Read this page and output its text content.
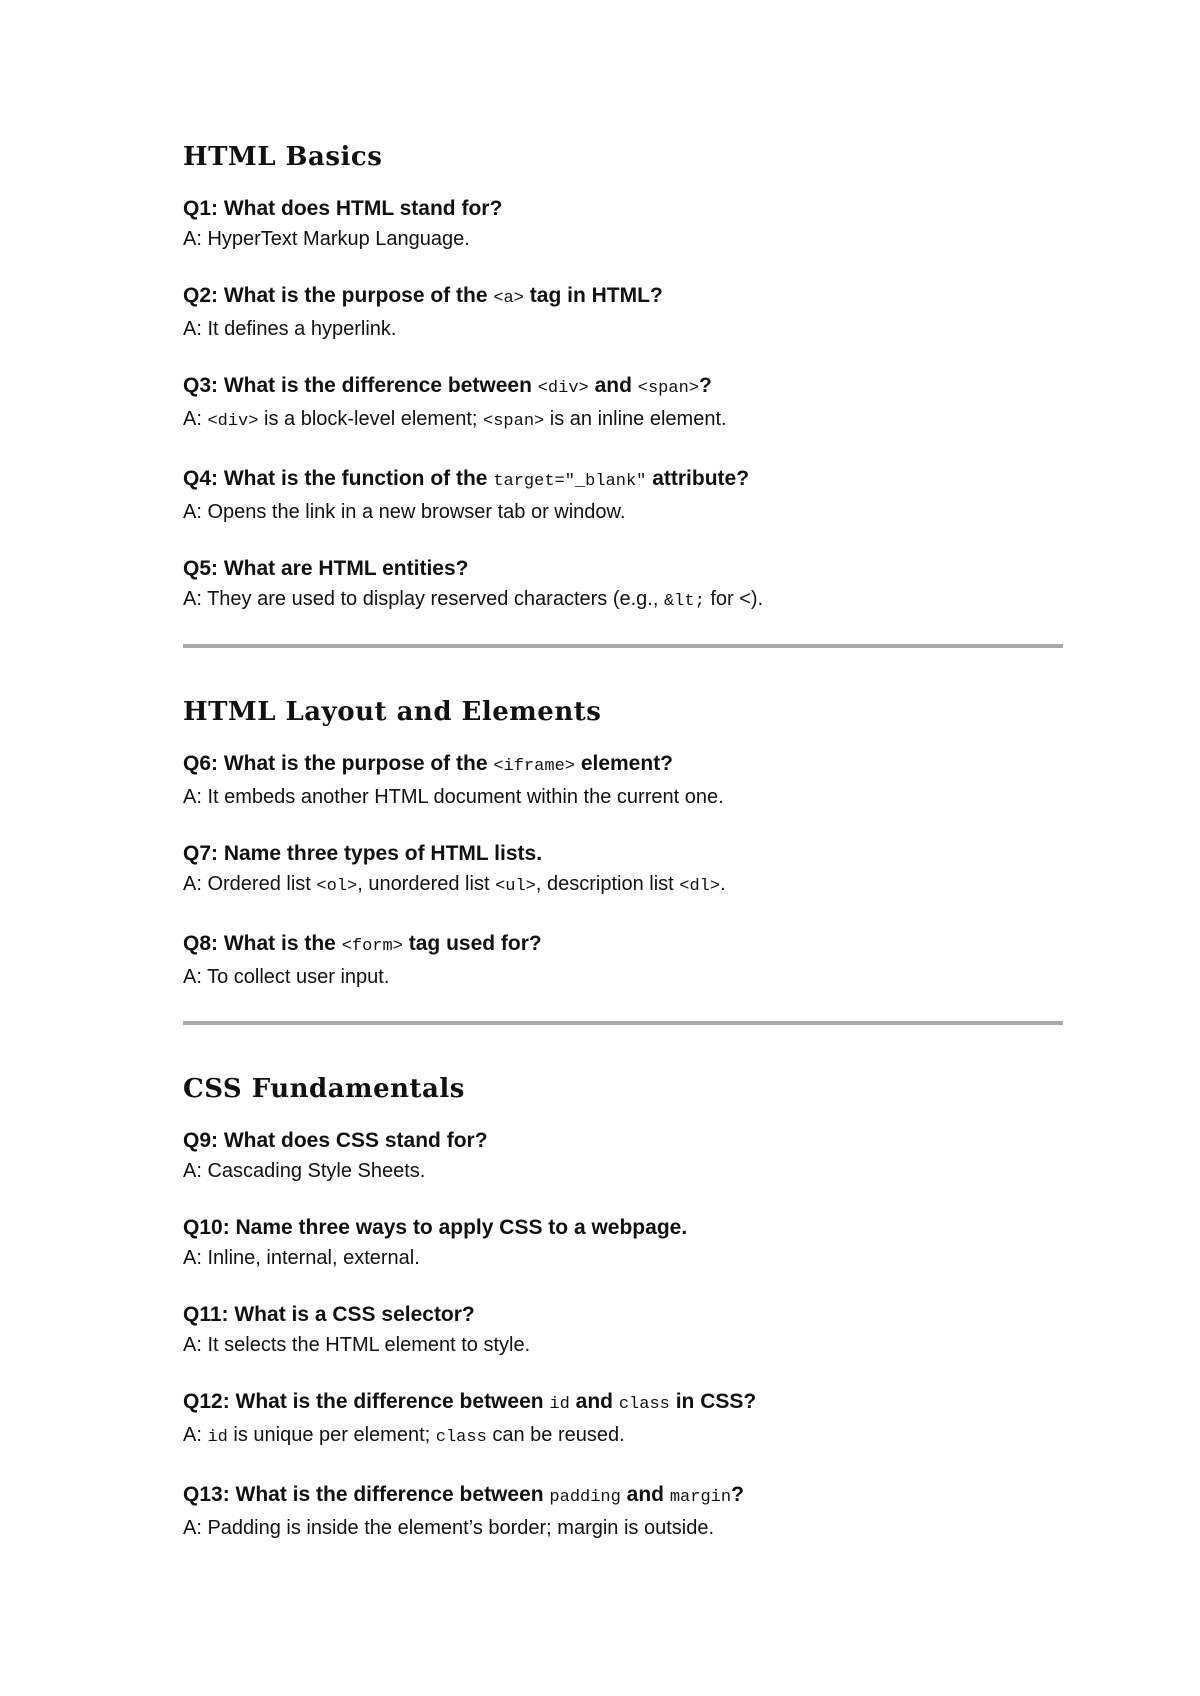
HTML Basics

Q1: What does HTML stand for?

A: HyperText Markup Language.

Q2: What is the purpose of the <a> tag in HTML?

A: It defines a hyperlink.

Q3: What is the difference between <div> and <span>?

A: <div> is a block-level element; <span> is an inline element.

Q4: What is the function of the target="_blank" attribute?

A: Opens the link in a new browser tab or window.

Q5: What are HTML entities?

A: They are used to display reserved characters (e.g., &lt; for <).

HTML Layout and Elements

Q6: What is the purpose of the <iframe> element?

A: It embeds another HTML document within the current one.

Q7: Name three types of HTML lists.

A: Ordered list <ol>, unordered list <ul>, description list <dl>.

Q8: What is the <form> tag used for?

A: To collect user input.

CSS Fundamentals

Q9: What does CSS stand for?

A: Cascading Style Sheets.

Q10: Name three ways to apply CSS to a webpage.

A: Inline, internal, external.

Q11: What is a CSS selector?

A: It selects the HTML element to style.

Q12: What is the difference between id and class in CSS?

A: id is unique per element; class can be reused.

Q13: What is the difference between padding and margin?

A: Padding is inside the element’s border; margin is outside.
